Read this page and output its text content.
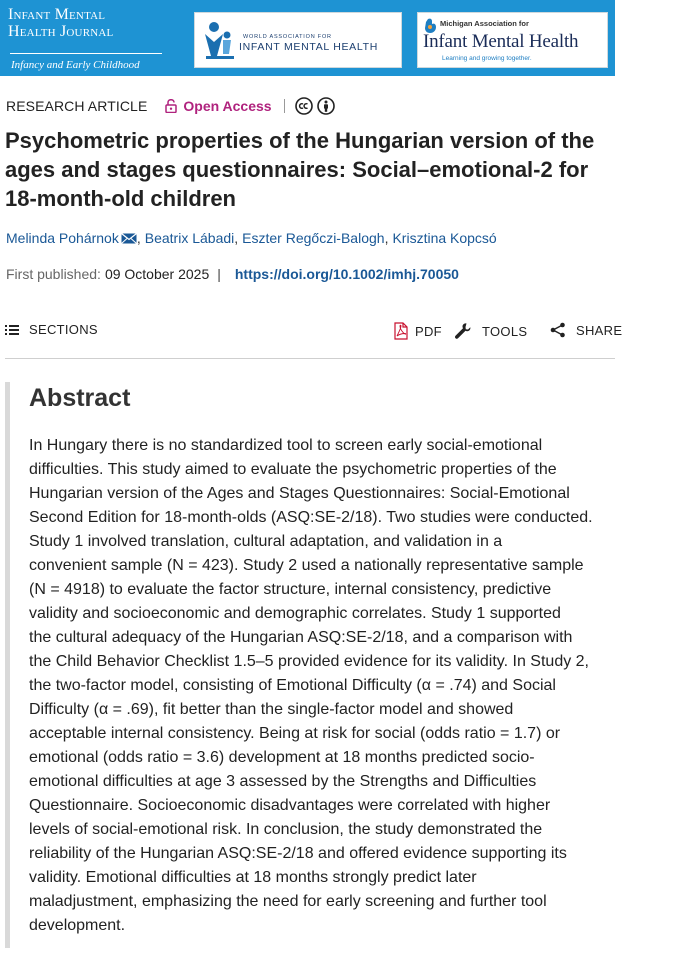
Infant Mental
Health Journal
Infancy and Early Childhood
WORLD ASSOCIATION FOR
INFANT MENTAL HEALTH
Michigan Association for
Infant Mental Health
Learning and growing together.
RESEARCH ARTICLE	Open Access
Psychometric properties of the Hungarian version of the ages and stages questionnaires: Social–emotional-2 for 18-month-old children
Melinda Pohárnok , Beatrix Lábadi , Eszter Regőczi-Balogh , Krisztina Kopcsó
First published: 09 October 2025 | https://doi.org/10.1002/imhj.70050
SECTIONS	PDF	TOOLS	SHARE
Abstract
In Hungary there is no standardized tool to screen early social-emotional
difficulties. This study aimed to evaluate the psychometric properties of the
Hungarian version of the Ages and Stages Questionnaires: Social-Emotional
Second Edition for 18-month-olds (ASQ:SE-2/18). Two studies were conducted.
Study 1 involved translation, cultural adaptation, and validation in a
convenient sample (N = 423). Study 2 used a nationally representative sample
(N = 4918) to evaluate the factor structure, internal consistency, predictive
validity and socioeconomic and demographic correlates. Study 1 supported
the cultural adequacy of the Hungarian ASQ:SE-2/18, and a comparison with
the Child Behavior Checklist 1.5–5 provided evidence for its validity. In Study 2,
the two-factor model, consisting of Emotional Difficulty (α = .74) and Social
Difficulty (α = .69), fit better than the single-factor model and showed
acceptable internal consistency. Being at risk for social (odds ratio = 1.7) or
emotional (odds ratio = 3.6) development at 18 months predicted socio-
emotional difficulties at age 3 assessed by the Strengths and Difficulties
Questionnaire. Socioeconomic disadvantages were correlated with higher
levels of social-emotional risk. In conclusion, the study demonstrated the
reliability of the Hungarian ASQ:SE-2/18 and offered evidence supporting its
validity. Emotional difficulties at 18 months strongly predict later
maladjustment, emphasizing the need for early screening and further tool
development.
